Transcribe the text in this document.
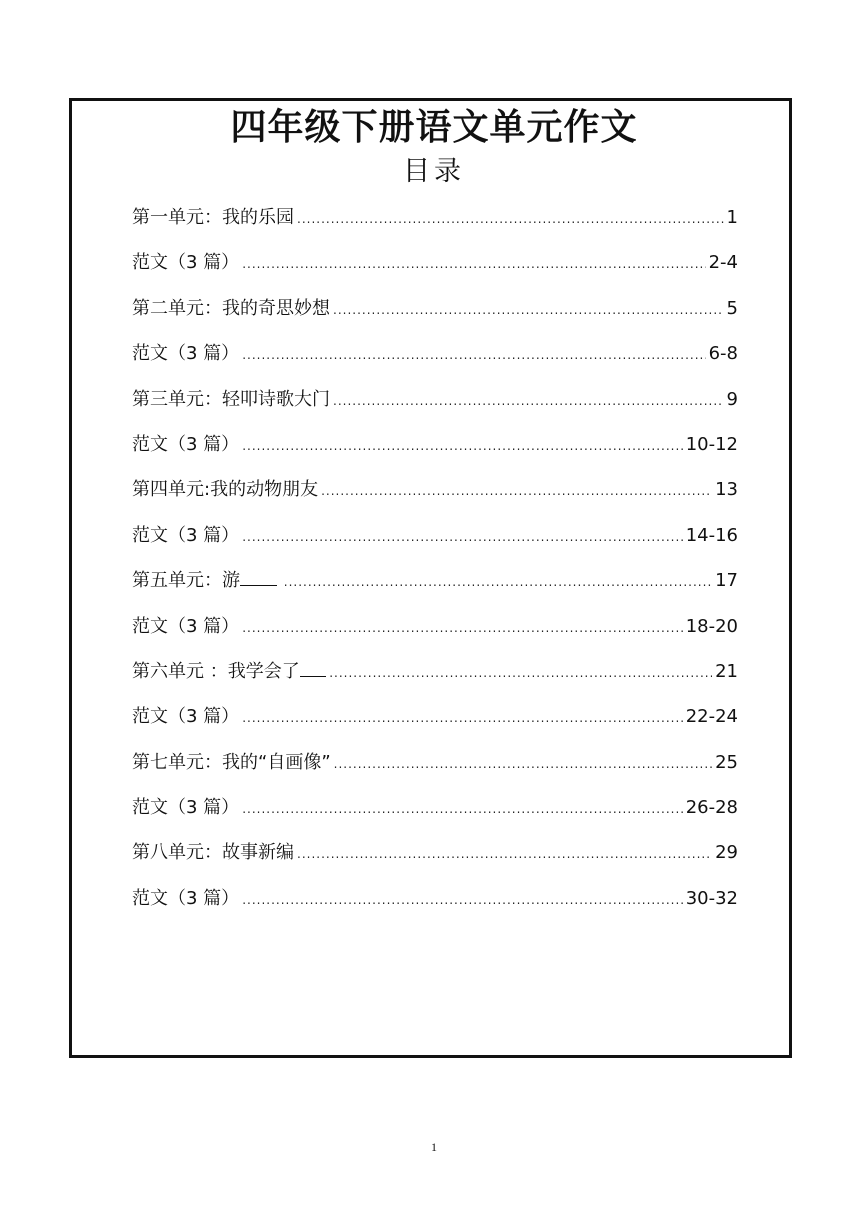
四年级下册语文单元作文
目录
第一单元：我的乐园 .....	1
范文（3 篇） .....	2-4
第二单元：我的奇思妙想 .....	5
范文（3 篇） .....	6-8
第三单元：轻叩诗歌大门 .....	9
范文（3 篇） .....	10-12
第四单元:我的动物朋友 .....	13
范文（3 篇） .....	14-16
第五单元：游 .....	17
范文（3 篇） .....	18-20
第六单元 ：我学会了 .....	21
范文（3 篇） .....	22-24
第七单元：我的“自画像” .....	25
范文（3 篇） .....	26-28
第八单元：故事新编 .....	29
范文（3 篇） .....	30-32
1
